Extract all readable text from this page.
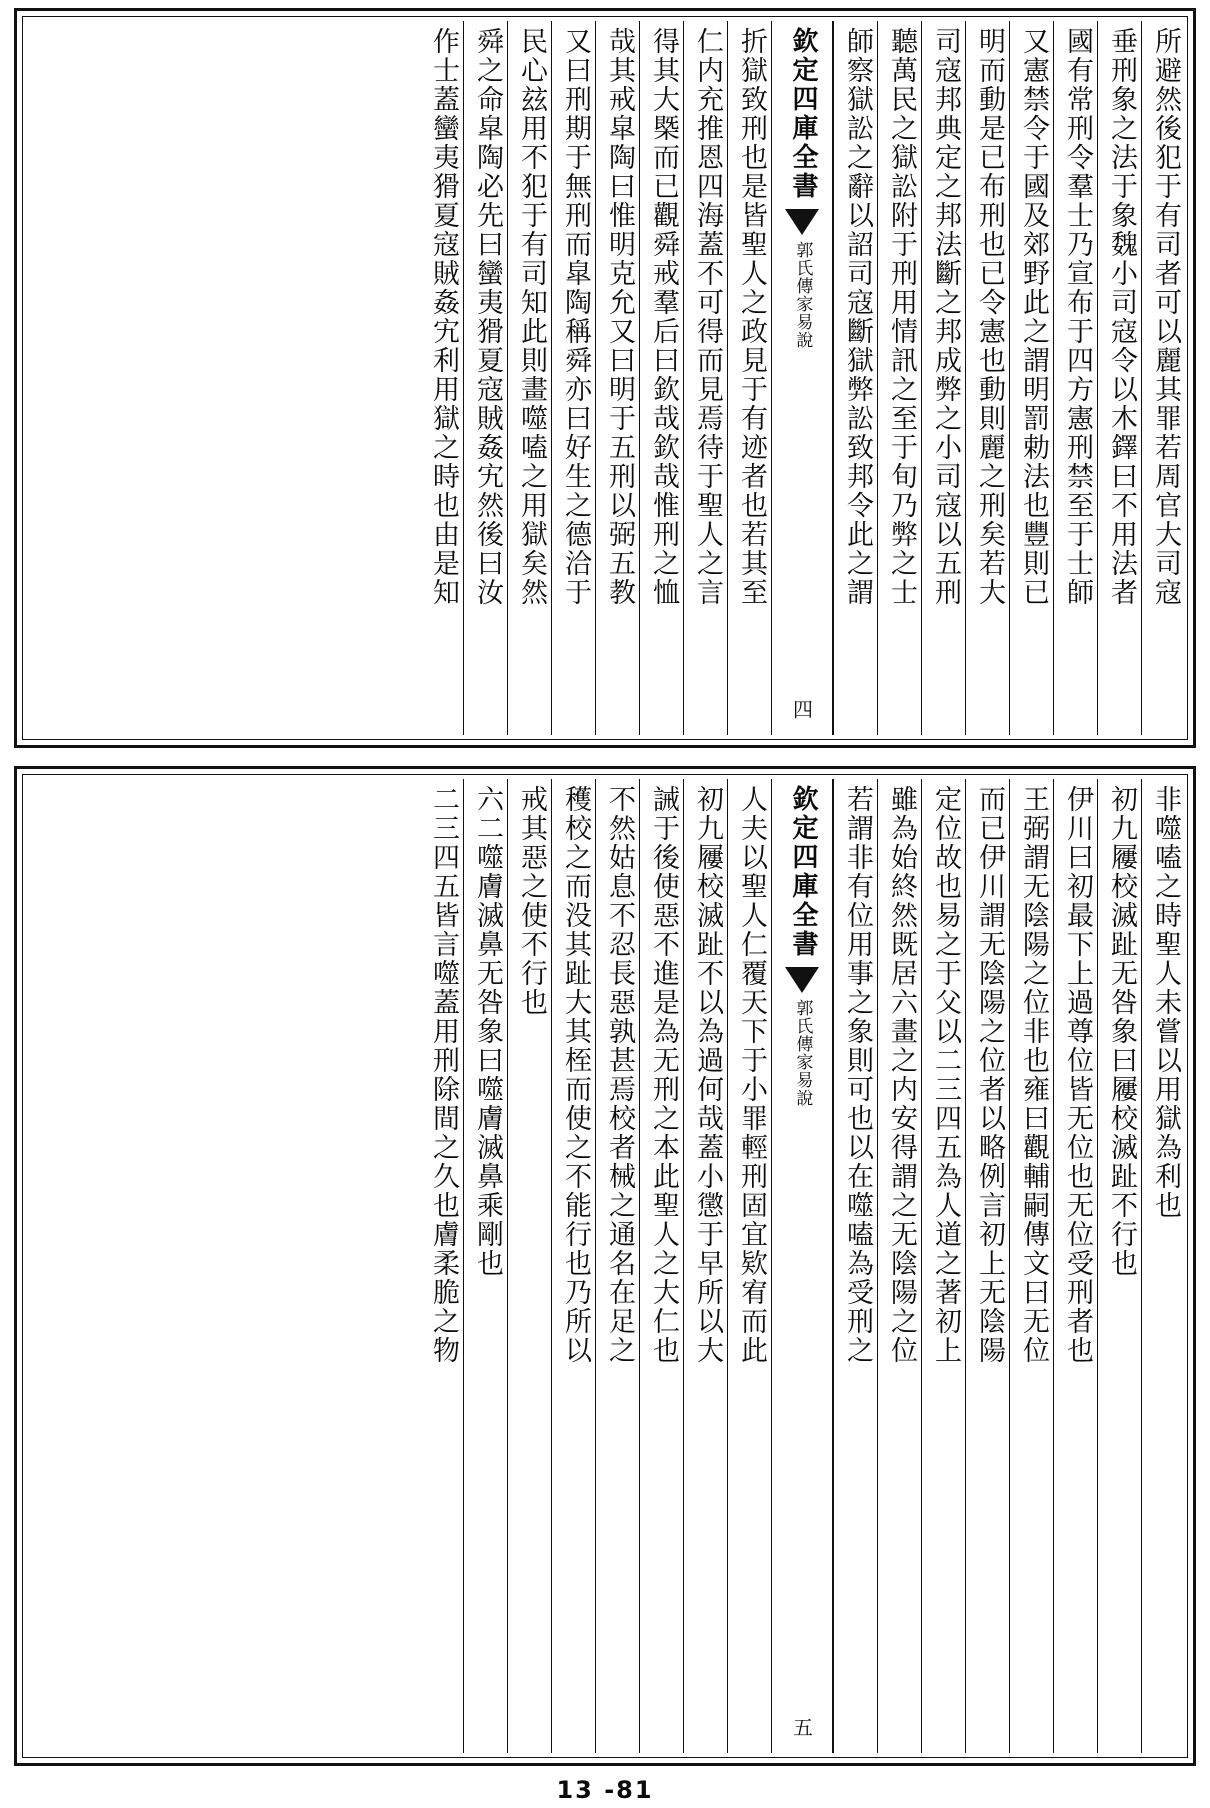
所避然後犯于有司者可以麗其罪若周官大司寇
垂刑象之法于象魏小司寇令以木鐸曰不用法者
國有常刑令羣士乃宣布于四方憲刑禁至于士師
又憲禁令于國及郊野此之謂明罰勅法也豐則已
明而動是已布刑也已令憲也動則麗之刑矣若大
司寇邦典定之邦法斷之邦成弊之小司寇以五刑
聽萬民之獄訟附于刑用情訊之至于旬乃弊之士
師察獄訟之辭以詔司寇斷獄弊訟致邦令此之謂
欽定四庫全書
郭氏傳家易說
四
折獄致刑也是皆聖人之政見于有迹者也若其至
仁内充推恩四海蓋不可得而見焉待于聖人之言
得其大槩而已觀舜戒羣后曰欽哉欽哉惟刑之恤
哉其戒皐陶曰惟明克允又曰明于五刑以弼五教
又曰刑期于無刑而皐陶稱舜亦曰好生之德洽于
民心玆用不犯于有司知此則畫噬嗑之用獄矣然
舜之命皐陶必先曰蠻夷猾夏寇賊姦宄然後曰汝
作士蓋蠻夷猾夏寇賊姦宄利用獄之時也由是知
非噬嗑之時聖人未嘗以用獄為利也
初九屨校滅趾无咎象曰屨校滅趾不行也
伊川曰初最下上過尊位皆无位也无位受刑者也
王弼謂无陰陽之位非也雍曰觀輔嗣傳文曰无位
而已伊川謂无陰陽之位者以略例言初上无陰陽
定位故也易之于父以二三四五為人道之著初上
雖為始終然既居六畫之内安得謂之无陰陽之位
若謂非有位用事之象則可也以在噬嗑為受刑之
欽定四庫全書
郭氏傳家易說
五
人夫以聖人仁覆天下于小罪輕刑固宜欵宥而此
初九屨校滅趾不以為過何哉蓋小懲于早所以大
誡于後使惡不進是為无刑之本此聖人之大仁也
不然姑息不忍長惡孰甚焉校者械之通名在足之
穫校之而没其趾大其桎而使之不能行也乃所以
戒其惡之使不行也
六二噬膚滅鼻无咎象曰噬膚滅鼻乘剛也
二三四五皆言噬蓋用刑除間之久也膚柔脆之物
13 -81
